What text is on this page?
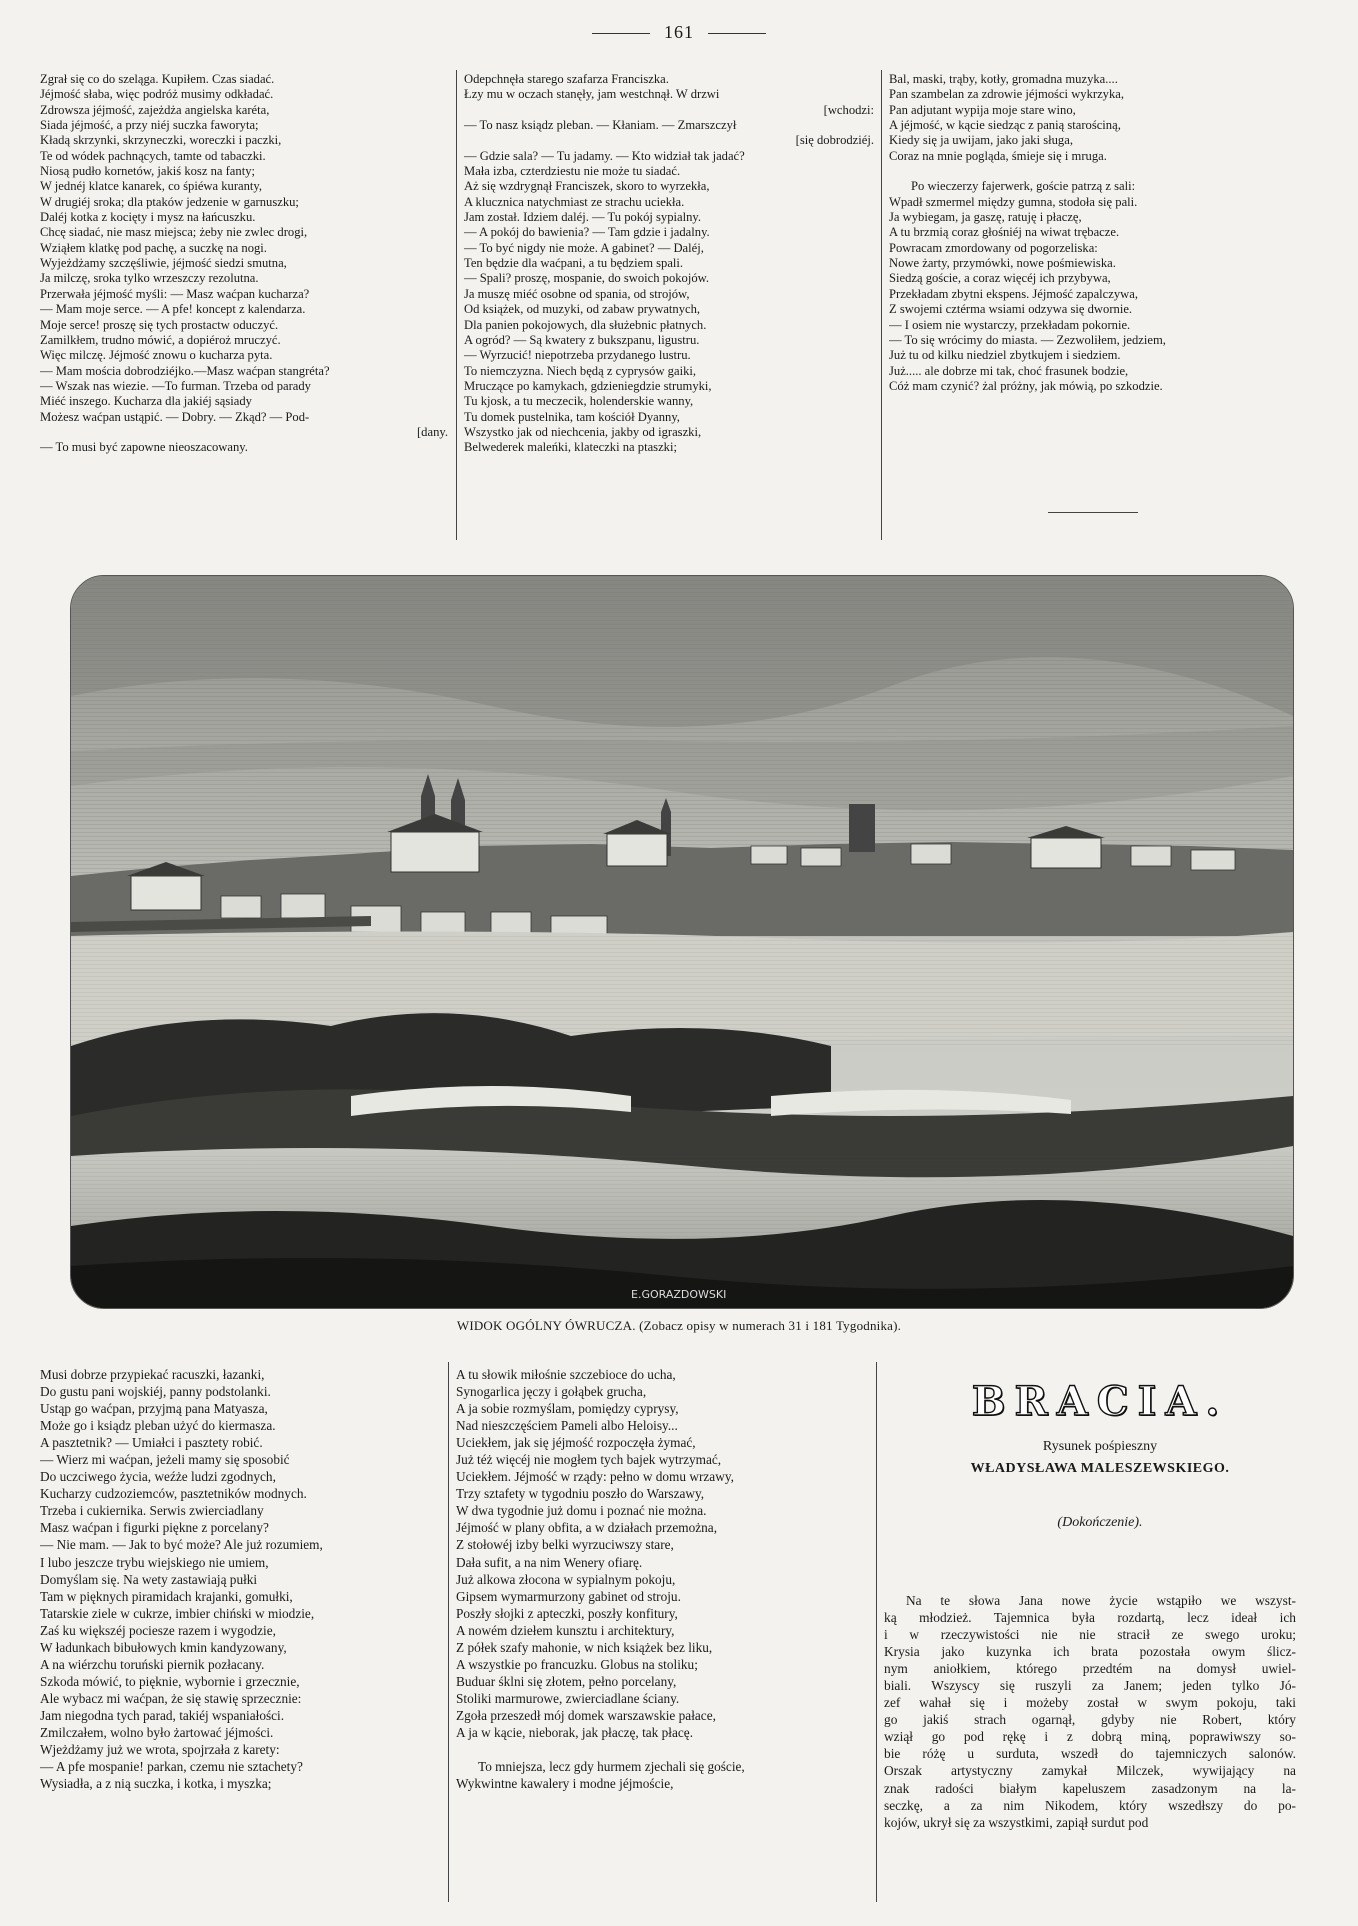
161
Zgrał się co do szeląga. Kupiłem. Czas siadać.
Jéjmość słaba, więc podróż musimy odkładać.
Zdrowsza jéjmość, zajeżdża angielska karéta,
Siada jéjmość, a przy niéj suczka faworyta;
Kładą skrzynki, skrzyneczki, woreczki i paczki,
Te od wódek pachnących, tamte od tabaczki.
Niosą pudło kornetów, jakiś kosz na fanty;
W jednéj klatce kanarek, co śpiéwa kuranty,
W drugiéj sroka; dla ptaków jedzenie w garnuszku;
Daléj kotka z kocięty i mysz na łańcuszku.
Chcę siadać, nie masz miejsca; żeby nie zwlec drogi,
Wziąłem klatkę pod pachę, a suczkę na nogi.
Wyjeżdżamy szczęśliwie, jéjmość siedzi smutna,
Ja milczę, sroka tylko wrzeszczy rezolutna.
Przerwała jéjmość myśli: — Masz waćpan kucharza?
— Mam moje serce. — A pfe! koncept z kalendarza.
Moje serce! proszę się tych prostactw oduczyć.
Zamilkłem, trudno mówić, a dopiéroż mruczyć.
Więc milczę. Jéjmość znowu o kucharza pyta.
— Mam mościa dobrodziéjko.—Masz waćpan stangréta?
— Wszak nas wiezie. —To furman. Trzeba od parady
Miéć inszego. Kucharza dla jakiéj sąsiady
Możesz waćpan ustąpić. — Dobry. — Zkąd? — Pod-
[dany.
— To musi być zapowne nieoszacowany.
Odepchnęła starego szafarza Franciszka.
Łzy mu w oczach stanęły, jam westchnął. W drzwi
[wchodzi:
— To nasz ksiądz pleban. — Kłaniam. — Zmarszczył
[się dobrodziéj.
— Gdzie sala? — Tu jadamy. — Kto widział tak jadać?
Mała izba, czterdziestu nie może tu siadać.
Aż się wzdrygnął Franciszek, skoro to wyrzekła,
A klucznica natychmiast ze strachu uciekła.
Jam został. Idziem daléj. — Tu pokój sypialny.
— A pokój do bawienia? — Tam gdzie i jadalny.
— To być nigdy nie może. A gabinet? — Daléj,
Ten będzie dla waćpani, a tu będziem spali.
— Spali? proszę, mospanie, do swoich pokojów.
Ja muszę miéć osobne od spania, od strojów,
Od książek, od muzyki, od zabaw prywatnych,
Dla panien pokojowych, dla służebnic płatnych.
A ogród? — Są kwatery z bukszpanu, ligustru.
— Wyrzucić! niepotrzeba przydanego lustru.
To niemczyzna. Niech będą z cyprysów gaiki,
Mruczące po kamykach, gdzieniegdzie strumyki,
Tu kjosk, a tu meczecik, holenderskie wanny,
Tu domek pustelnika, tam kościół Dyanny,
Wszystko jak od niechcenia, jakby od igraszki,
Belwederek maleńki, klateczki na ptaszki;
Bal, maski, trąby, kotły, gromadna muzyka....
Pan szambelan za zdrowie jéjmości wykrzyka,
Pan adjutant wypija moje stare wino,
A jéjmość, w kącie siedząc z panią starościną,
Kiedy się ja uwijam, jako jaki sługa,
Coraz na mnie pogląda, śmieje się i mruga.

Po wieczerzy fajerwerk, goście patrzą z sali:
Wpadł szmermel między gumna, stodoła się pali.
Ja wybiegam, ja gaszę, ratuję i płaczę,
A tu brzmią coraz głośniéj na wiwat trębacze.
Powracam zmordowany od pogorzeliska:
Nowe żarty, przymówki, nowe pośmiewiska.
Siedzą goście, a coraz więcéj ich przybywa,
Przekładam zbytni ekspens. Jéjmość zapalczywa,
Z swojemi cztérma wsiami odzywa się dwornie.
— I osiem nie wystarczy, przekładam pokornie.
— To się wrócimy do miasta. — Zezwoliłem, jedziem,
Już tu od kilku niedziel zbytkujem i siedziem.
Już..... ale dobrze mi tak, choć frasunek bodzie,
Cóż mam czynić? żal próżny, jak mówią, po szkodzie.
E.GORAZDOWSKI
WIDOK OGÓLNY ÓWRUCZA. (Zobacz opisy w numerach 31 i 181 Tygodnika).
Musi dobrze przypiekać racuszki, łazanki,
Do gustu pani wojskiéj, panny podstolanki.
Ustąp go waćpan, przyjmą pana Matyasza,
Może go i ksiądz pleban użyć do kiermasza.
A pasztetnik? — Umiałci i pasztety robić.
— Wierz mi waćpan, jeżeli mamy się sposobić
Do uczciwego życia, weźże ludzi zgodnych,
Kucharzy cudzoziemców, pasztetników modnych.
Trzeba i cukiernika. Serwis zwierciadlany
Masz waćpan i figurki piękne z porcelany?
— Nie mam. — Jak to być może? Ale już rozumiem,
I lubo jeszcze trybu wiejskiego nie umiem,
Domyślam się. Na wety zastawiają pułki
Tam w pięknych piramidach krajanki, gomułki,
Tatarskie ziele w cukrze, imbier chiński w miodzie,
Zaś ku większéj pociesze razem i wygodzie,
W ładunkach bibułowych kmin kandyzowany,
A na wiérzchu toruński piernik pozłacany.
Szkoda mówić, to pięknie, wybornie i grzecznie,
Ale wybacz mi waćpan, że się stawię sprzecznie:
Jam niegodna tych parad, takiéj wspaniałości.
Zmilczałem, wolno było żartować jéjmości.
Wjeżdżamy już we wrota, spojrzała z karety:
— A pfe mospanie! parkan, czemu nie sztachety?
Wysiadła, a z nią suczka, i kotka, i myszka;
A tu słowik miłośnie szczebioce do ucha,
Synogarlica jęczy i gołąbek grucha,
A ja sobie rozmyślam, pomiędzy cyprysy,
Nad nieszczęściem Pameli albo Heloisy...
Uciekłem, jak się jéjmość rozpoczęła żymać,
Już téż więcéj nie mogłem tych bajek wytrzymać,
Uciekłem. Jéjmość w rządy: pełno w domu wrzawy,
Trzy sztafety w tygodniu poszło do Warszawy,
W dwa tygodnie już domu i poznać nie można.
Jéjmość w plany obfita, a w działach przemożna,
Z stołowéj izby belki wyrzuciwszy stare,
Dała sufit, a na nim Wenery ofiarę.
Już alkowa złocona w sypialnym pokoju,
Gipsem wymarmurzony gabinet od stroju.
Poszły słojki z apteczki, poszły konfitury,
A nowém dziełem kunsztu i architektury,
Z półek szafy mahonie, w nich książek bez liku,
A wszystkie po francuzku. Globus na stoliku;
Buduar śklni się złotem, pełno porcelany,
Stoliki marmurowe, zwierciadlane ściany.
Zgoła przeszedł mój domek warszawskie pałace,
A ja w kącie, nieborak, jak płaczę, tak płacę.

To mniejsza, lecz gdy hurmem zjechali się goście,
Wykwintne kawalery i modne jéjmoście,
BRACIA.
Rysunek pośpieszny
WŁADYSŁAWA MALESZEWSKIEGO.
(Dokończenie).
Na te słowa Jana nowe życie wstąpiło we wszyst-
ką młodzież. Tajemnica była rozdartą, lecz ideał ich
i w rzeczywistości nie nie stracił ze swego uroku;
Krysia jako kuzynka ich brata pozostała owym ślicz-
nym aniołkiem, którego przedtém na domysł uwiel-
biali. Wszyscy się ruszyli za Janem; jeden tylko Jó-
zef wahał się i możeby został w swym pokoju, taki
go jakiś strach ogarnął, gdyby nie Robert, który
wziął go pod rękę i z dobrą miną, poprawiwszy so-
bie różę u surduta, wszedł do tajemniczych salonów.
Orszak artystyczny zamykał Milczek, wywijający na
znak radości białym kapeluszem zasadzonym na la-
seczkę, a za nim Nikodem, który wszedłszy do po-
kojów, ukrył się za wszystkimi, zapiął surdut pod
